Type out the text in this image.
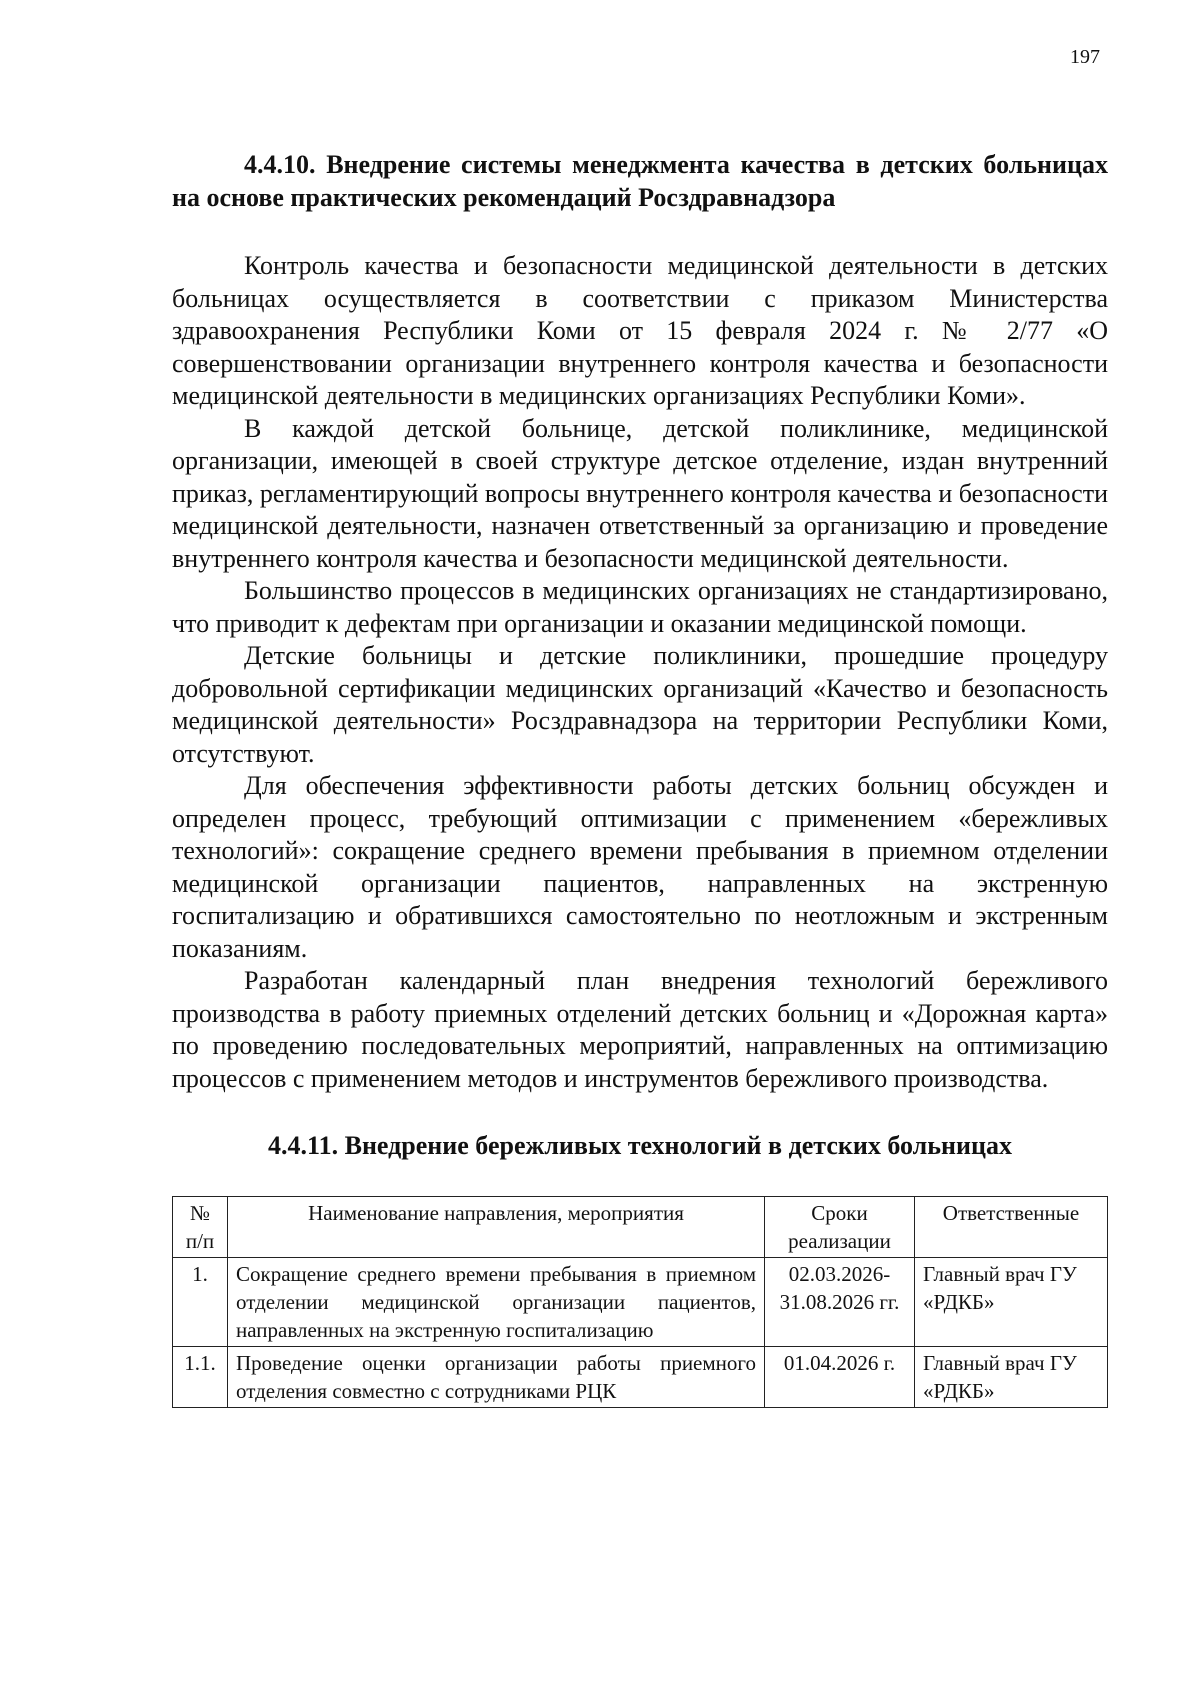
197
4.4.10. Внедрение системы менеджмента качества в детских больницах на основе практических рекомендаций Росздравнадзора

Контроль качества и безопасности медицинской деятельности в детских больницах осуществляется в соответствии с приказом Министерства здравоохранения Республики Коми от 15 февраля 2024 г. № 2/77 «О совершенствовании организации внутреннего контроля качества и безопасности медицинской деятельности в медицинских организациях Республики Коми».

В каждой детской больнице, детской поликлинике, медицинской организации, имеющей в своей структуре детское отделение, издан внутренний приказ, регламентирующий вопросы внутреннего контроля качества и безопасности медицинской деятельности, назначен ответственный за организацию и проведение внутреннего контроля качества и безопасности медицинской деятельности.

Большинство процессов в медицинских организациях не стандартизировано, что приводит к дефектам при организации и оказании медицинской помощи.

Детские больницы и детские поликлиники, прошедшие процедуру добровольной сертификации медицинских организаций «Качество и безопасность медицинской деятельности» Росздравнадзора на территории Республики Коми, отсутствуют.

Для обеспечения эффективности работы детских больниц обсужден и определен процесс, требующий оптимизации с применением «бережливых технологий»: сокращение среднего времени пребывания в приемном отделении медицинской организации пациентов, направленных на экстренную госпитализацию и обратившихся самостоятельно по неотложным и экстренным показаниям.

Разработан календарный план внедрения технологий бережливого производства в работу приемных отделений детских больниц и «Дорожная карта» по проведению последовательных мероприятий, направленных на оптимизацию процессов с применением методов и инструментов бережливого производства.

4.4.11. Внедрение бережливых технологий в детских больницах
№ п/п	Наименование направления, мероприятия	Сроки реализации	Ответственные
1.	Сокращение среднего времени пребывания в приемном отделении медицинской организации пациентов, направленных на экстренную госпитализацию	02.03.2026- 31.08.2026 гг.	Главный врач ГУ «РДКБ»
1.1.	Проведение оценки организации работы приемного отделения совместно с сотрудниками РЦК	01.04.2026 г.	Главный врач ГУ «РДКБ»
